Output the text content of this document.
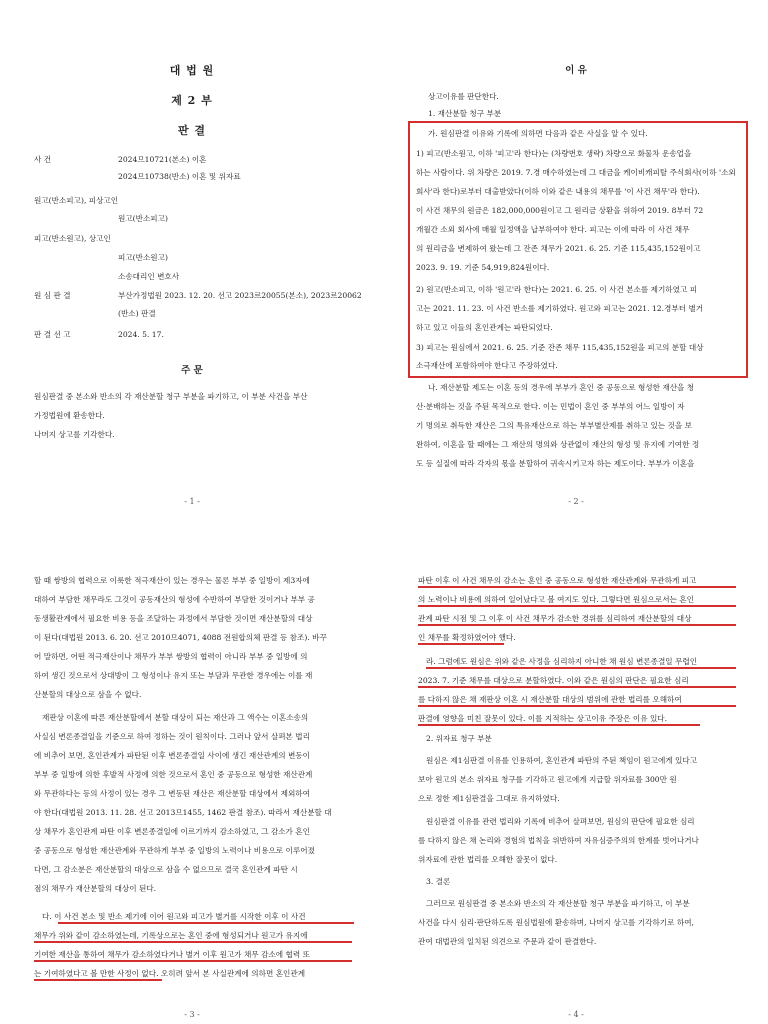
대 법 원
제 2 부
판 결
사 건	2024므10721(본소) 이혼
2024므10738(반소) 이혼 및 위자료
원고(반소피고), 피상고인
원고(반소피고)
피고(반소원고), 상고인
피고(반소원고)
소송대리인 변호사
원 심 판 결	부산가정법원 2023. 12. 20. 선고 2023르20055(본소), 2023르20062
(반소) 판결
판 결 선 고	2024. 5. 17.
주 문
원심판결 중 본소와 반소의 각 재산분할 청구 부분을 파기하고, 이 부분 사건을 부산
가정법원에 환송한다.
나머지 상고를 기각한다.
- 1 -
이 유
상고이유를 판단한다.
1. 재산분할 청구 부분
가. 원심판결 이유와 기록에 의하면 다음과 같은 사실을 알 수 있다.
1) 피고(반소원고, 이하 '피고'라 한다)는 (차량번호 생략) 차량으로 화물차 운송업을
하는 사람이다. 위 차량은 2019. 7.경 매수하였는데 그 대금을 케이비캐피탈 주식회사(이하 '소외
회사'라 한다)로부터 대출받았다(이하 이와 같은 내용의 채무를 '이 사건 채무'라 한다).
이 사건 채무의 원금은 182,000,000원이고 그 원리금 상환을 위하여 2019. 8부터 72
개월간 소외 회사에 매월 일정액을 납부하여야 한다. 피고는 이에 따라 이 사건 채무
의 원리금을 변제하여 왔는데 그 잔존 채무가 2021. 6. 25. 기준 115,435,152원이고
2023. 9. 19. 기준 54,919,824원이다.
2) 원고(반소피고, 이하 '원고'라 한다)는 2021. 6. 25. 이 사건 본소를 제기하였고 피
고는 2021. 11. 23. 이 사건 반소를 제기하였다. 원고와 피고는 2021. 12.경부터 별거
하고 있고 이들의 혼인관계는 파탄되었다.
3) 피고는 원심에서 2021. 6. 25. 기준 잔존 채무 115,435,152원을 피고의 분할 대상
소극재산에 포함하여야 한다고 주장하였다.
나. 재산분할 제도는 이혼 등의 경우에 부부가 혼인 중 공동으로 형성한 재산을 청
산·분배하는 것을 주된 목적으로 한다. 이는 민법이 혼인 중 부부의 어느 일방이 자
기 명의로 취득한 재산은 그의 특유재산으로 하는 부부별산제를 취하고 있는 것을 보
완하여, 이혼을 할 때에는 그 재산의 명의와 상관없이 재산의 형성 및 유지에 기여한 정
도 등 실질에 따라 각자의 몫을 분할하여 귀속시키고자 하는 제도이다. 부부가 이혼을
- 2 -
할 때 쌍방의 협력으로 이룩한 적극재산이 있는 경우는 물론 부부 중 일방이 제3자에
대하여 부담한 채무라도 그것이 공동재산의 형성에 수반하여 부담한 것이거나 부부 공
동생활관계에서 필요한 비용 등을 조달하는 과정에서 부담한 것이면 재산분할의 대상
이 된다(대법원 2013. 6. 20. 선고 2010므4071, 4088 전원합의체 판결 등 참조). 바꾸
어 말하면, 어떤 적극재산이나 채무가 부부 쌍방의 협력이 아니라 부부 중 일방에 의
하여 생긴 것으로서 상대방이 그 형성이나 유지 또는 부담과 무관한 경우에는 이를 재
산분할의 대상으로 삼을 수 없다.
재판상 이혼에 따른 재산분할에서 분할 대상이 되는 재산과 그 액수는 이혼소송의
사실심 변론종결일을 기준으로 하여 정하는 것이 원칙이다. 그러나 앞서 살펴본 법리
에 비추어 보면, 혼인관계가 파탄된 이후 변론종결일 사이에 생긴 재산관계의 변동이
부부 중 일방에 의한 후발적 사정에 의한 것으로서 혼인 중 공동으로 형성한 재산관계
와 무관하다는 등의 사정이 있는 경우 그 변동된 재산은 재산분할 대상에서 제외하여
야 한다(대법원 2013. 11. 28. 선고 2013므1455, 1462 판결 참조). 따라서 재산분할 대
상 채무가 혼인관계 파탄 이후 변론종결일에 이르기까지 감소하였고, 그 감소가 혼인
중 공동으로 형성한 재산관계와 무관하게 부부 중 일방의 노력이나 비용으로 이루어졌
다면, 그 감소분은 재산분할의 대상으로 삼을 수 없으므로 결국 혼인관계 파탄 시
점의 채무가 재산분할의 대상이 된다.
다. 이 사건 본소 및 반소 제기에 이어 원고와 피고가 별거를 시작한 이후 이 사건
채무가 위와 같이 감소하였는데, 기록상으로는 혼인 중에 형성되거나 원고가 유지에
기여한 재산을 통하여 채무가 감소하였다거나 별거 이후 원고가 채무 감소에 협력 또
는 기여하였다고 볼 만한 사정이 없다. 오히려 앞서 본 사실관계에 의하면 혼인관계
- 3 -
파탄 이후 이 사건 채무의 감소는 혼인 중 공동으로 형성한 재산관계와 무관하게 피고
의 노력이나 비용에 의하여 일어났다고 볼 여지도 있다. 그렇다면 원심으로서는 혼인
관계 파탄 시점 및 그 이후 이 사건 채무가 감소한 경위를 심리하여 재산분할의 대상
인 채무를 확정하였어야 했다.
라. 그럼에도 원심은 위와 같은 사정을 심리하지 아니한 채 원심 변론종결일 무렵인
2023. 7. 기준 채무를 대상으로 분할하였다. 이와 같은 원심의 판단은 필요한 심리
를 다하지 않은 채 재판상 이혼 시 재산분할 대상의 범위에 관한 법리를 오해하여
판결에 영향을 미친 잘못이 있다. 이를 지적하는 상고이유 주장은 이유 있다.
2. 위자료 청구 부분
원심은 제1심판결 이유를 인용하여, 혼인관계 파탄의 주된 책임이 원고에게 있다고
보아 원고의 본소 위자료 청구를 기각하고 원고에게 지급할 위자료를 300만 원
으로 정한 제1심판결을 그대로 유지하였다.
원심판결 이유를 관련 법리와 기록에 비추어 살펴보면, 원심의 판단에 필요한 심리
를 다하지 않은 채 논리와 경험의 법칙을 위반하여 자유심증주의의 한계를 벗어나거나
위자료에 관한 법리를 오해한 잘못이 없다.
3. 결론
그러므로 원심판결 중 본소와 반소의 각 재산분할 청구 부분을 파기하고, 이 부분
사건을 다시 심리·판단하도록 원심법원에 환송하며, 나머지 상고를 기각하기로 하여,
관여 대법관의 일치된 의견으로 주문과 같이 판결한다.
- 4 -
